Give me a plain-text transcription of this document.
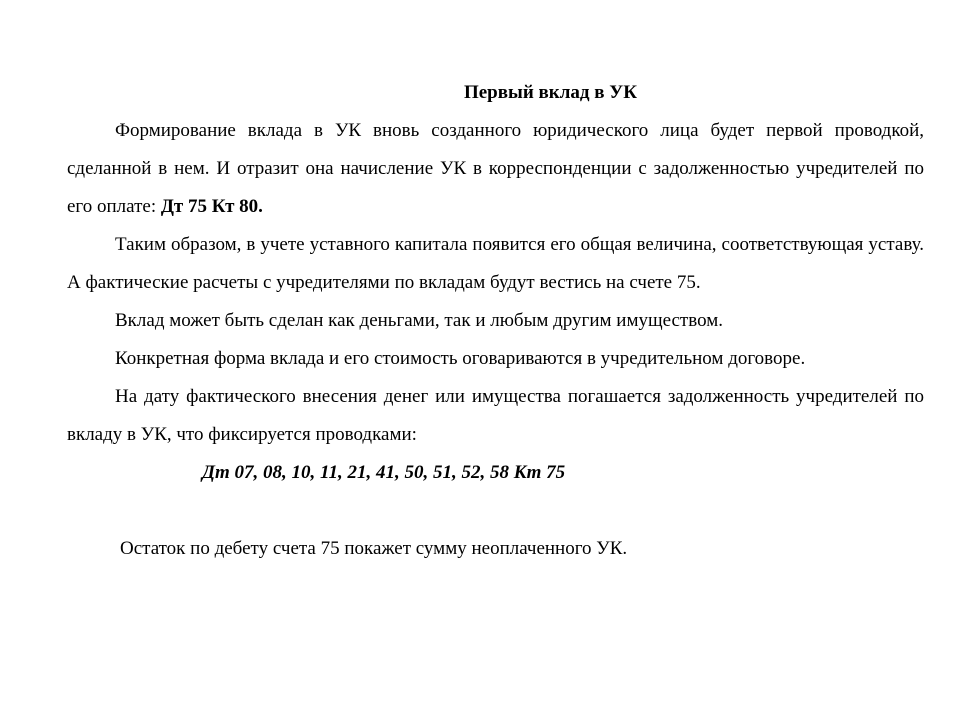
Первый вклад в УК

Формирование вклада в УК вновь созданного юридического лица будет первой проводкой, сделанной в нем. И отразит она начисление УК в корреспонденции с задолженностью учредителей по его оплате: Дт 75 Кт 80.

Таким образом, в учете уставного капитала появится его общая величина, соответствующая уставу. А фактические расчеты с учредителями по вкладам будут вестись на счете 75.

Вклад может быть сделан как деньгами, так и любым другим имуществом.

Конкретная форма вклада и его стоимость оговариваются в учредительном договоре.

На дату фактического внесения денег или имущества погашается задолженность учредителей по вкладу в УК, что фиксируется проводками:

Дт 07, 08, 10, 11, 21, 41, 50, 51, 52, 58 Кт 75
Остаток по дебету счета 75 покажет сумму неоплаченного УК.
